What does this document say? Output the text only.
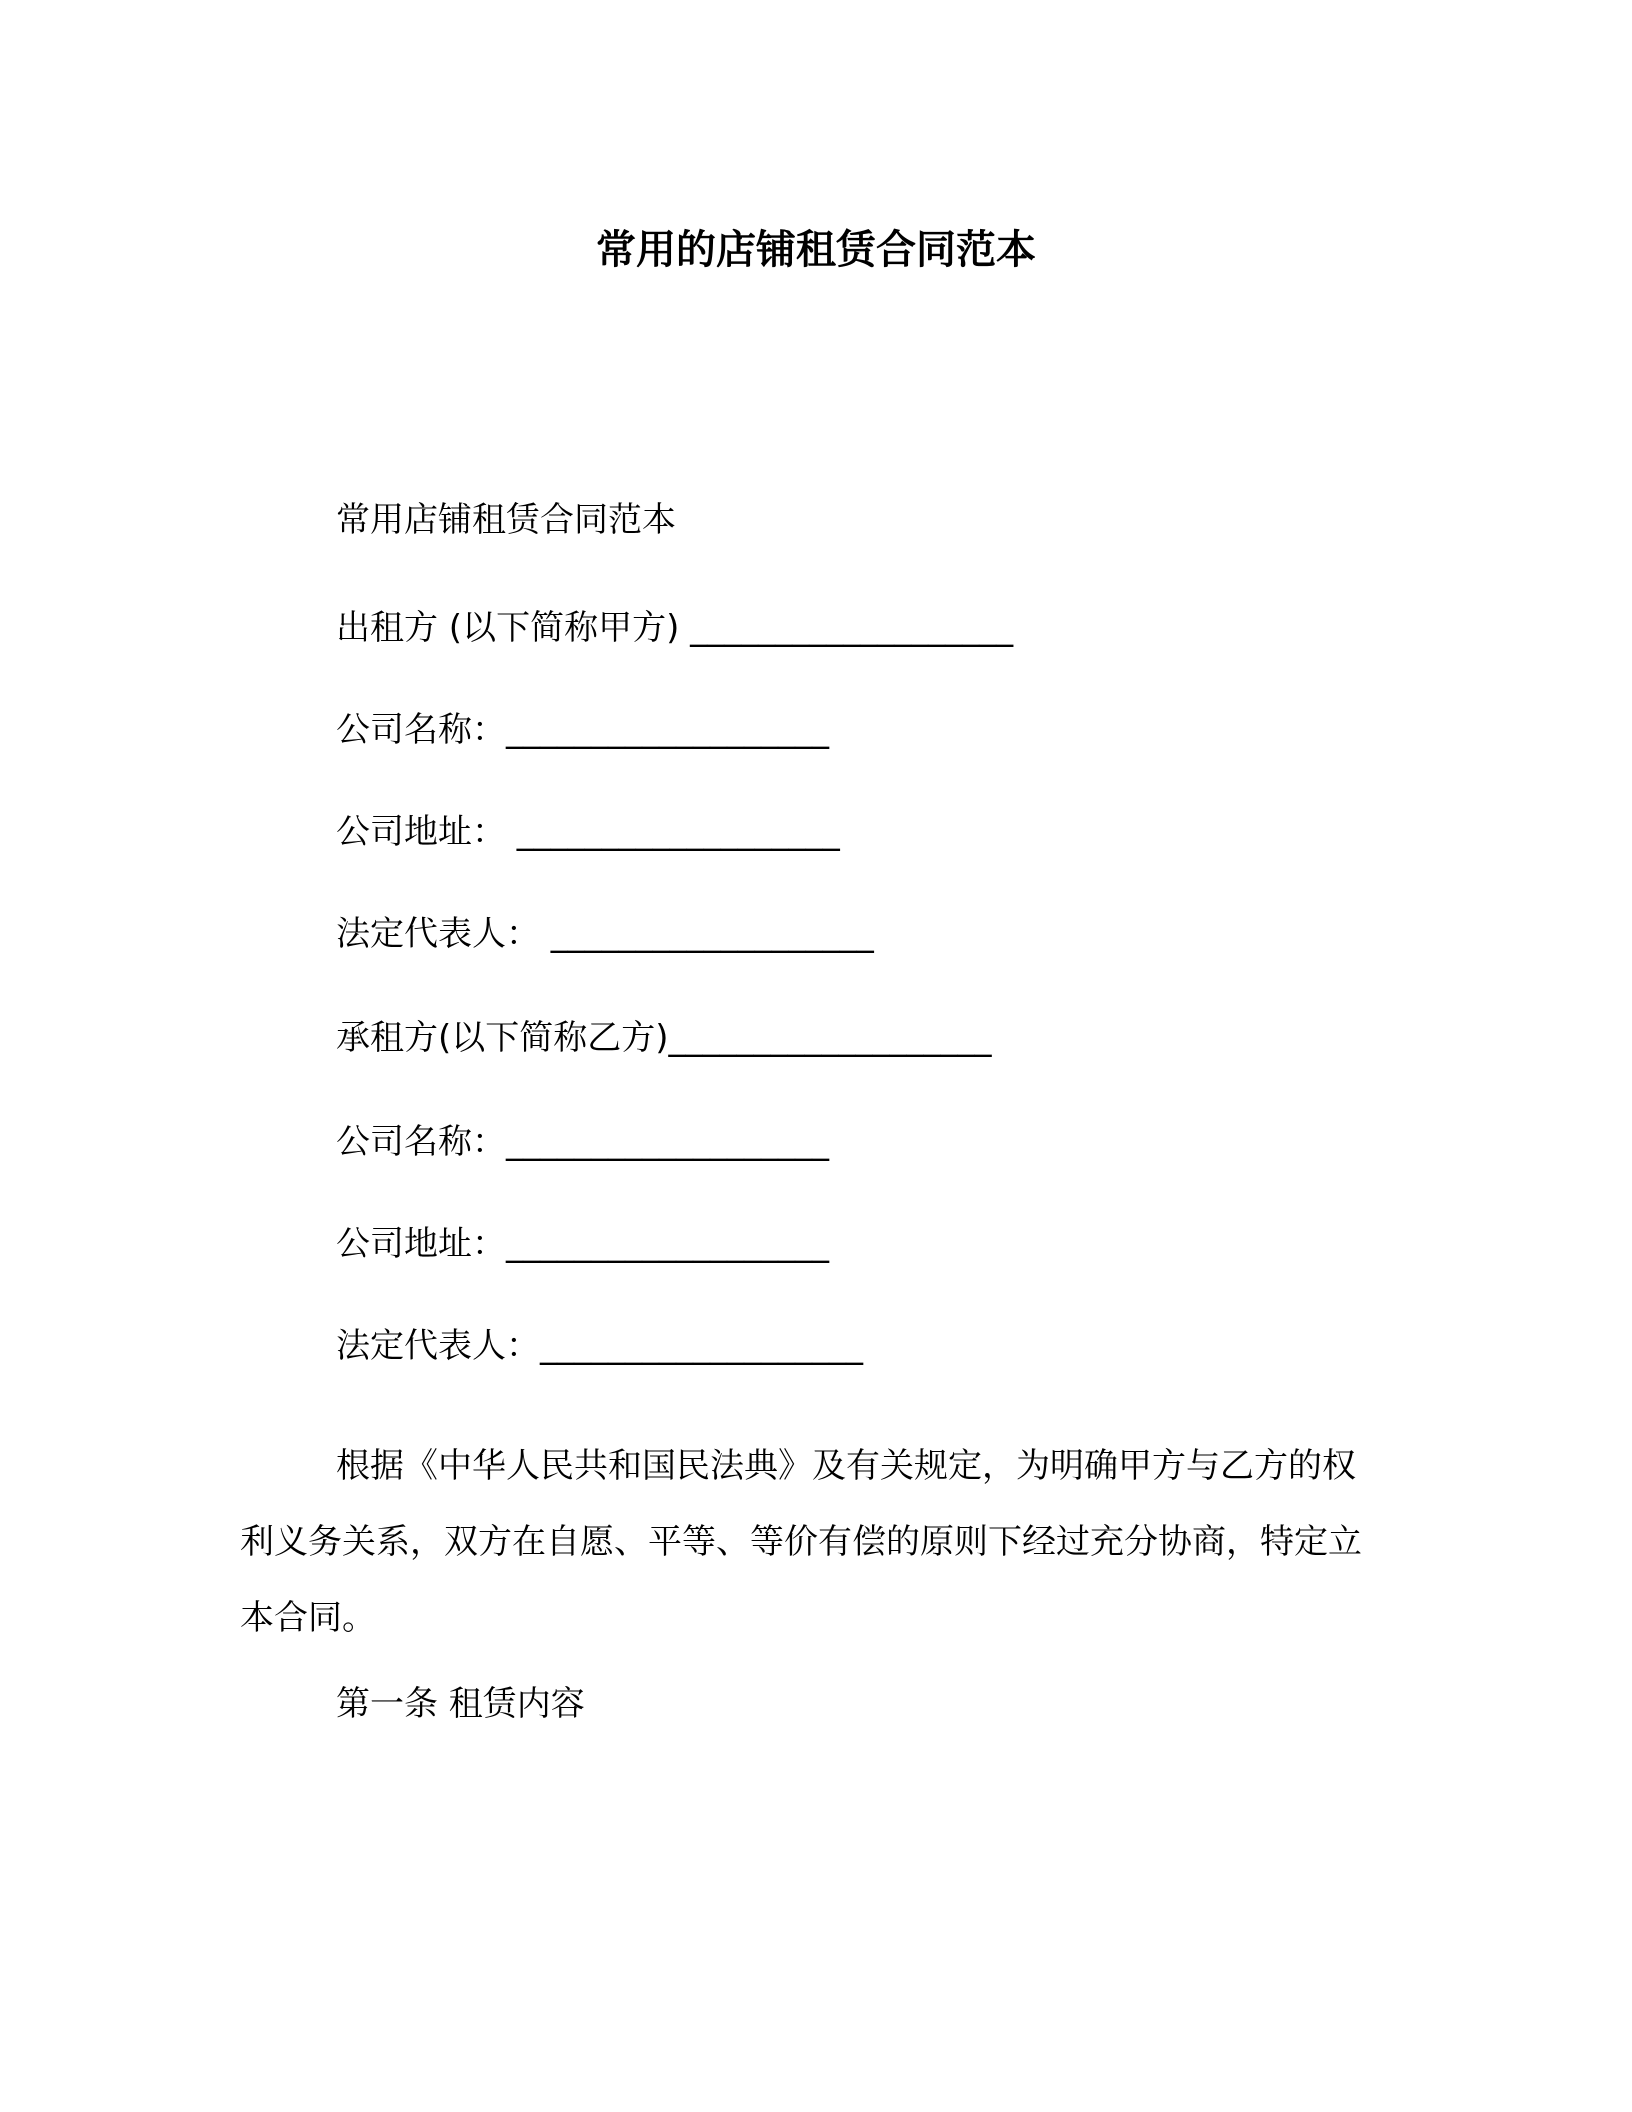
常用的店铺租赁合同范本
常用店铺租赁合同范本
出租方 (以下简称甲方) ___________________
公司名称：___________________
公司地址： ___________________
法定代表人： ___________________
承租方(以下简称乙方)___________________
公司名称：___________________
公司地址：___________________
法定代表人：___________________
根据《中华人民共和国民法典》及有关规定，为明确甲方与乙方的权利义务关系，双方在自愿、平等、等价有偿的原则下经过充分协商，特定立本合同。
第一条 租赁内容
